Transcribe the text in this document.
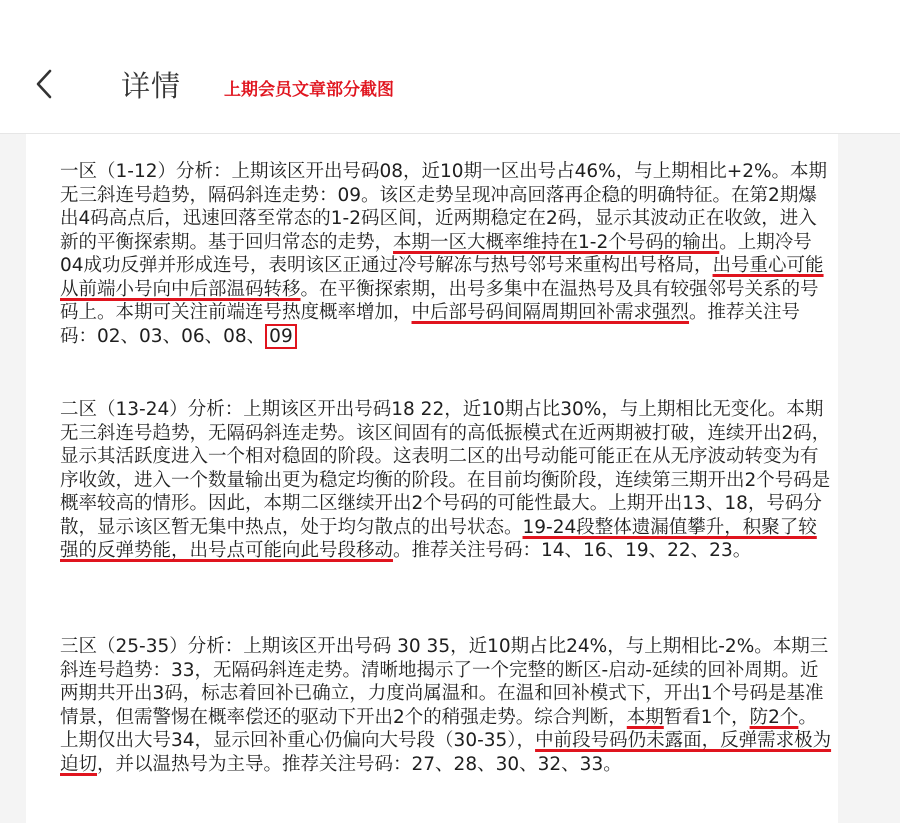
详情	上期会员文章部分截图

一区（1-12）分析：上期该区开出号码08，近10期一区出号占46%，与上期相比+2%。本期无三斜连号趋势，隔码斜连走势：09。该区走势呈现冲高回落再企稳的明确特征。在第2期爆出4码高点后，迅速回落至常态的1-2码区间，近两期稳定在2码，显示其波动正在收敛，进入新的平衡探索期。基于回归常态的走势，本期一区大概率维持在1-2个号码的输出。上期冷号04成功反弹并形成连号，表明该区正通过冷号解冻与热号邻号来重构出号格局，出号重心可能从前端小号向中后部温码转移。在平衡探索期，出号多集中在温热号及具有较强邻号关系的号码上。本期可关注前端连号热度概率增加，中后部号码间隔周期回补需求强烈。推荐关注号码：02、03、06、08、 09

二区（13-24）分析：上期该区开出号码18 22，近10期占比30%，与上期相比无变化。本期无三斜连号趋势，无隔码斜连走势。该区间固有的高低振模式在近两期被打破，连续开出2码，显示其活跃度进入一个相对稳固的阶段。这表明二区的出号动能可能正在从无序波动转变为有序收敛，进入一个数量输出更为稳定均衡的阶段。在目前均衡阶段，连续第三期开出2个号码是概率较高的情形。因此，本期二区继续开出2个号码的可能性最大。上期开出13、18，号码分散，显示该区暂无集中热点，处于均匀散点的出号状态。19-24段整体遗漏值攀升，积聚了较强的反弹势能，出号点可能向此号段移动。推荐关注号码：14、16、19、22、23。

三区（25-35）分析：上期该区开出号码 30 35，近10期占比24%，与上期相比-2%。本期三斜连号趋势：33，无隔码斜连走势。清晰地揭示了一个完整的断区-启动-延续的回补周期。近两期共开出3码，标志着回补已确立，力度尚属温和。在温和回补模式下，开出1个号码是基准情景，但需警惕在概率偿还的驱动下开出2个的稍强走势。综合判断，本期暂看1个，防2个。上期仅出大号34，显示回补重心仍偏向大号段（30-35），中前段号码仍未露面，反弹需求极为迫切，并以温热号为主导。推荐关注号码：27、28、30、32、33。
